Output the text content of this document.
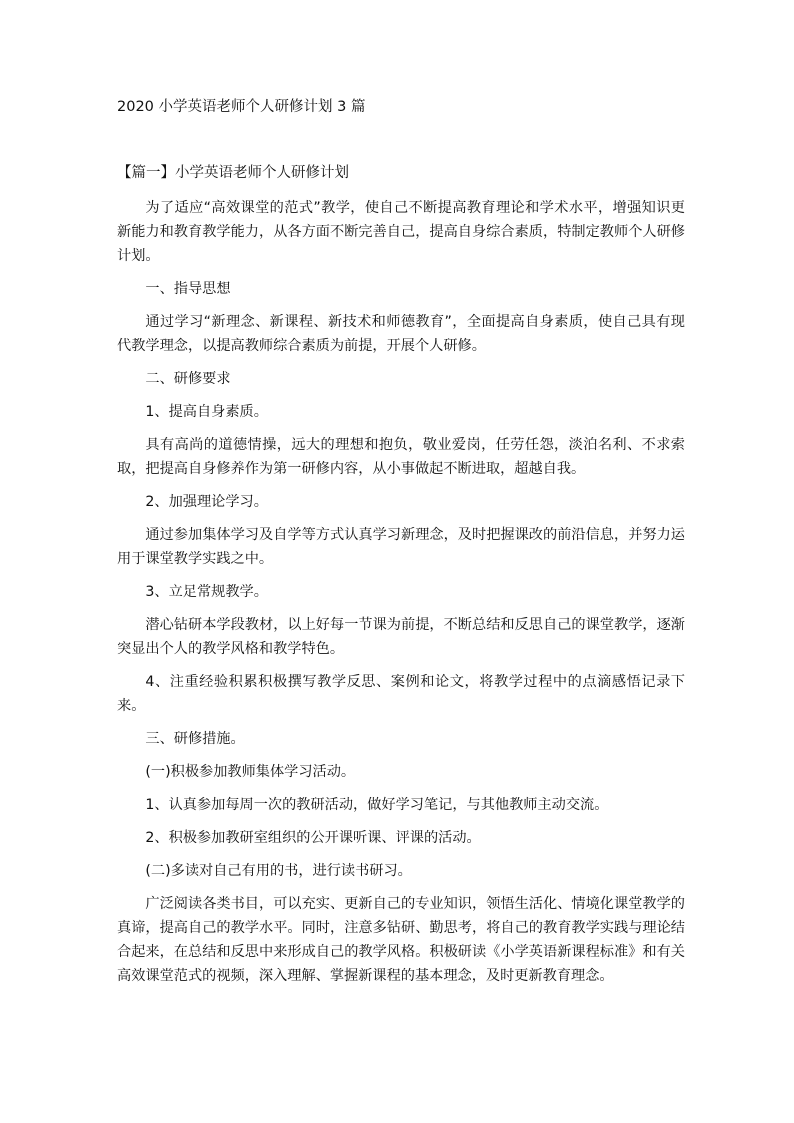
2020 小学英语老师个人研修计划 3 篇
【篇一】小学英语老师个人研修计划

为了适应“高效课堂的范式”教学，使自己不断提高教育理论和学术水平，增强知识更新能力和教育教学能力，从各方面不断完善自己，提高自身综合素质，特制定教师个人研修计划。

一、指导思想

通过学习“新理念、新课程、新技术和师德教育”，全面提高自身素质，使自己具有现代教学理念，以提高教师综合素质为前提，开展个人研修。

二、研修要求

1、提高自身素质。

具有高尚的道德情操，远大的理想和抱负，敬业爱岗，任劳任怨，淡泊名利、不求索取，把提高自身修养作为第一研修内容，从小事做起不断进取，超越自我。

2、加强理论学习。

通过参加集体学习及自学等方式认真学习新理念，及时把握课改的前沿信息，并努力运用于课堂教学实践之中。

3、立足常规教学。

潜心钻研本学段教材，以上好每一节课为前提，不断总结和反思自己的课堂教学，逐渐突显出个人的教学风格和教学特色。

4、注重经验积累积极撰写教学反思、案例和论文，将教学过程中的点滴感悟记录下来。

三、研修措施。

(一)积极参加教师集体学习活动。

1、认真参加每周一次的教研活动，做好学习笔记，与其他教师主动交流。

2、积极参加教研室组织的公开课听课、评课的活动。

(二)多读对自己有用的书，进行读书研习。

广泛阅读各类书目，可以充实、更新自己的专业知识，领悟生活化、情境化课堂教学的真谛，提高自己的教学水平。同时，注意多钻研、勤思考，将自己的教育教学实践与理论结合起来，在总结和反思中来形成自己的教学风格。积极研读《小学英语新课程标准》和有关高效课堂范式的视频，深入理解、掌握新课程的基本理念，及时更新教育理念。
